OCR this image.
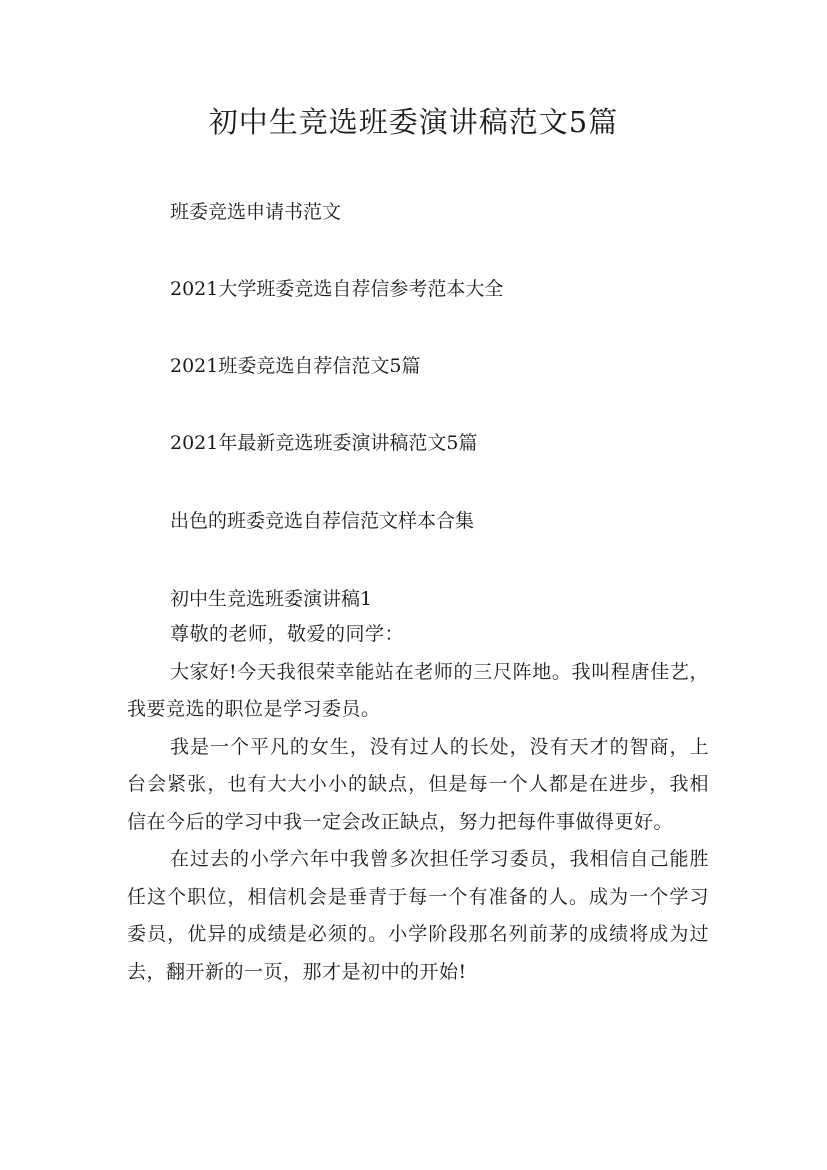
初中生竞选班委演讲稿范文5篇
班委竞选申请书范文
2021大学班委竞选自荐信参考范本大全
2021班委竞选自荐信范文5篇
2021年最新竞选班委演讲稿范文5篇
出色的班委竞选自荐信范文样本合集
初中生竞选班委演讲稿1

尊敬的老师，敬爱的同学：

大家好!今天我很荣幸能站在老师的三尺阵地。我叫程唐佳艺，我要竞选的职位是学习委员。

我是一个平凡的女生，没有过人的长处，没有天才的智商，上台会紧张，也有大大小小的缺点，但是每一个人都是在进步，我相信在今后的学习中我一定会改正缺点，努力把每件事做得更好。

在过去的小学六年中我曾多次担任学习委员，我相信自己能胜任这个职位，相信机会是垂青于每一个有准备的人。成为一个学习委员，优异的成绩是必须的。小学阶段那名列前茅的成绩将成为过去，翻开新的一页，那才是初中的开始!
